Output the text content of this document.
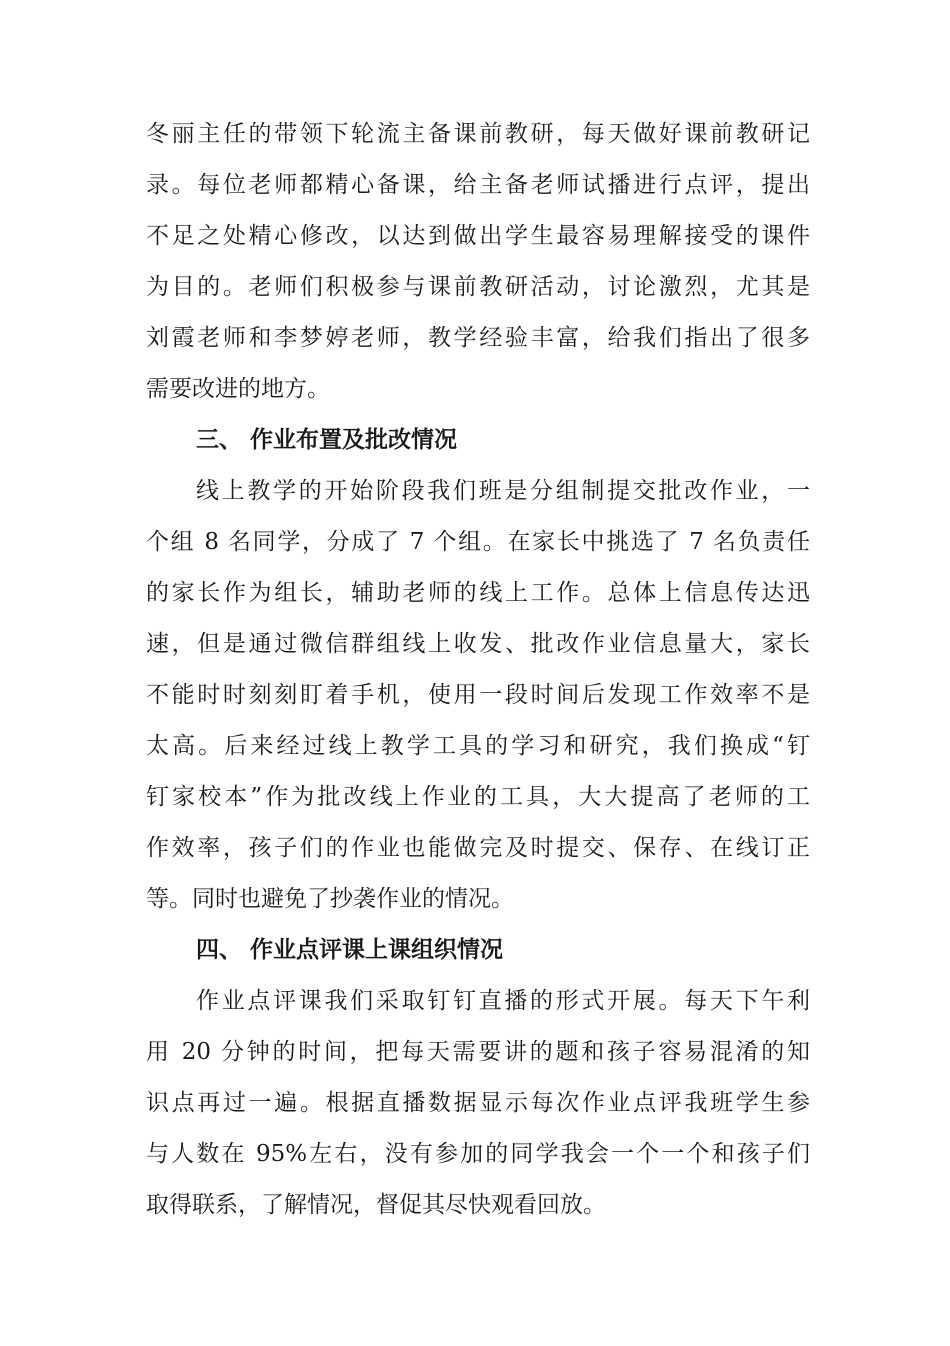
冬丽主任的带领下轮流主备课前教研，每天做好课前教研记
录。每位老师都精心备课，给主备老师试播进行点评，提出
不足之处精心修改，以达到做出学生最容易理解接受的课件
为目的。老师们积极参与课前教研活动，讨论激烈，尤其是
刘霞老师和李梦婷老师，教学经验丰富，给我们指出了很多
需要改进的地方。
三、 作业布置及批改情况
线上教学的开始阶段我们班是分组制提交批改作业，一
个组 8 名同学，分成了 7 个组。在家长中挑选了 7 名负责任
的家长作为组长，辅助老师的线上工作。总体上信息传达迅
速，但是通过微信群组线上收发、批改作业信息量大，家长
不能时时刻刻盯着手机，使用一段时间后发现工作效率不是
太高。后来经过线上教学工具的学习和研究，我们换成“钉
钉家校本”作为批改线上作业的工具，大大提高了老师的工
作效率，孩子们的作业也能做完及时提交、保存、在线订正
等。同时也避免了抄袭作业的情况。
四、 作业点评课上课组织情况
作业点评课我们采取钉钉直播的形式开展。每天下午利
用 20 分钟的时间，把每天需要讲的题和孩子容易混淆的知
识点再过一遍。根据直播数据显示每次作业点评我班学生参
与人数在 95%左右，没有参加的同学我会一个一个和孩子们
取得联系，了解情况，督促其尽快观看回放。
